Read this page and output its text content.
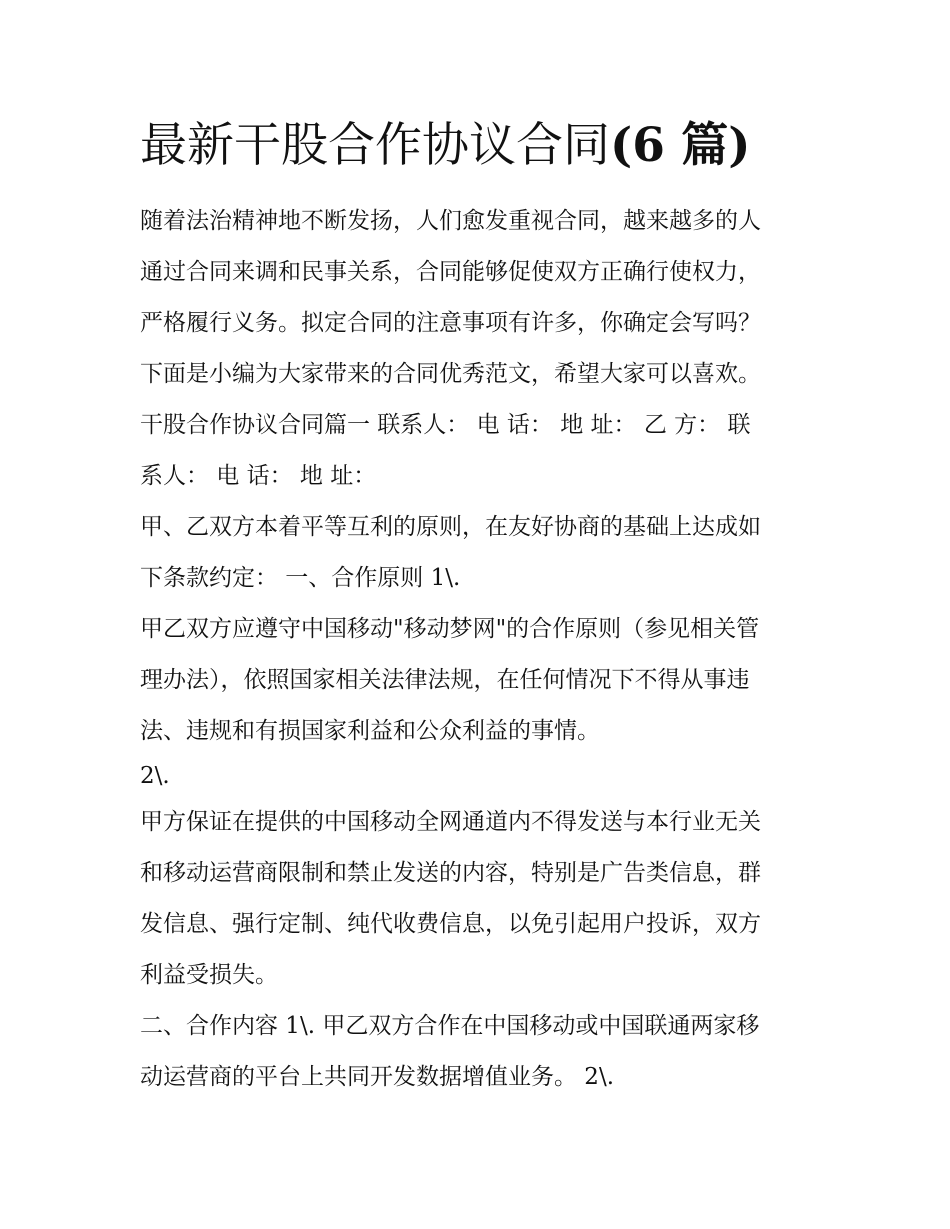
最新干股合作协议合同(6 篇)

随着法治精神地不断发扬，人们愈发重视合同，越来越多的人

通过合同来调和民事关系，合同能够促使双方正确行使权力，

严格履行义务。拟定合同的注意事项有许多，你确定会写吗？

下面是小编为大家带来的合同优秀范文，希望大家可以喜欢。

干股合作协议合同篇一 联系人： 电 话： 地 址： 乙 方： 联

系人： 电 话： 地 址：

甲、乙双方本着平等互利的原则，在友好协商的基础上达成如

下条款约定： 一、合作原则 1\.

甲乙双方应遵守中国移动"移动梦网"的合作原则（参见相关管

理办法），依照国家相关法律法规，在任何情况下不得从事违

法、违规和有损国家利益和公众利益的事情。

2\.

甲方保证在提供的中国移动全网通道内不得发送与本行业无关

和移动运营商限制和禁止发送的内容，特别是广告类信息，群

发信息、强行定制、纯代收费信息，以免引起用户投诉，双方

利益受损失。

二、合作内容 1\. 甲乙双方合作在中国移动或中国联通两家移

动运营商的平台上共同开发数据增值业务。 2\.
